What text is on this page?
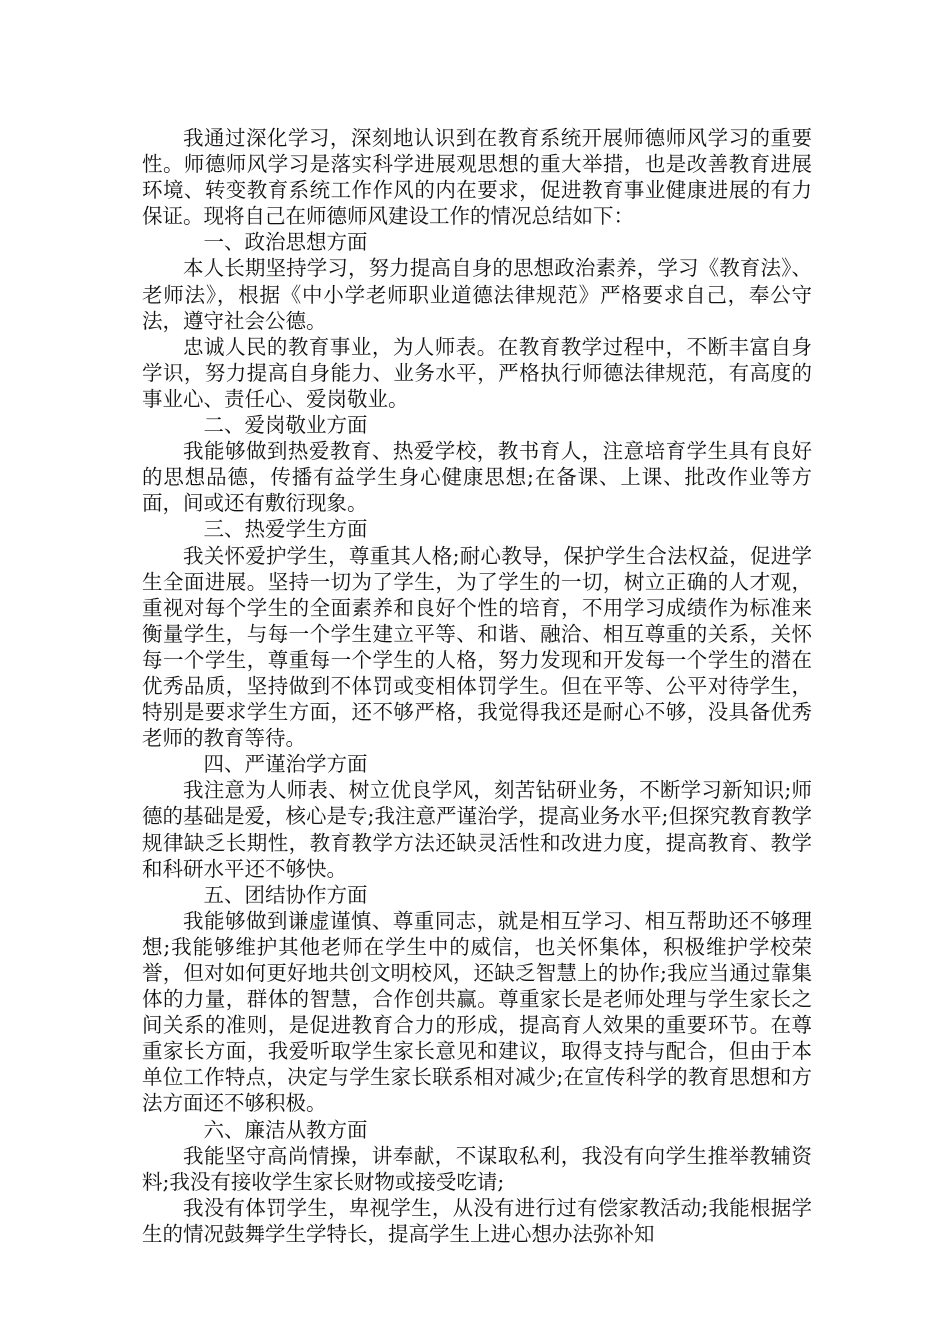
我通过深化学习，深刻地认识到在教育系统开展师德师风学习的重要性。师德师风学习是落实科学进展观思想的重大举措，也是改善教育进展环境、转变教育系统工作作风的内在要求，促进教育事业健康进展的有力保证。现将自己在师德师风建设工作的情况总结如下：

一、政治思想方面

本人长期坚持学习，努力提高自身的思想政治素养，学习《教育法》、老师法》，根据《中小学老师职业道德法律规范》严格要求自己，奉公守法，遵守社会公德。

忠诚人民的教育事业，为人师表。在教育教学过程中，不断丰富自身学识，努力提高自身能力、业务水平，严格执行师德法律规范，有高度的事业心、责任心、爱岗敬业。

二、爱岗敬业方面

我能够做到热爱教育、热爱学校，教书育人，注意培育学生具有良好的思想品德，传播有益学生身心健康思想;在备课、上课、批改作业等方面，间或还有敷衍现象。

三、热爱学生方面

我关怀爱护学生，尊重其人格;耐心教导，保护学生合法权益，促进学生全面进展。坚持一切为了学生，为了学生的一切，树立正确的人才观，重视对每个学生的全面素养和良好个性的培育，不用学习成绩作为标准来衡量学生，与每一个学生建立平等、和谐、融洽、相互尊重的关系，关怀每一个学生，尊重每一个学生的人格，努力发现和开发每一个学生的潜在优秀品质，坚持做到不体罚或变相体罚学生。但在平等、公平对待学生，特别是要求学生方面，还不够严格，我觉得我还是耐心不够，没具备优秀老师的教育等待。

四、严谨治学方面

我注意为人师表、树立优良学风，刻苦钻研业务，不断学习新知识;师德的基础是爱，核心是专;我注意严谨治学，提高业务水平;但探究教育教学规律缺乏长期性，教育教学方法还缺灵活性和改进力度，提高教育、教学和科研水平还不够快。

五、团结协作方面

我能够做到谦虚谨慎、尊重同志，就是相互学习、相互帮助还不够理想;我能够维护其他老师在学生中的威信，也关怀集体，积极维护学校荣誉，但对如何更好地共创文明校风，还缺乏智慧上的协作;我应当通过靠集体的力量，群体的智慧，合作创共赢。尊重家长是老师处理与学生家长之间关系的准则，是促进教育合力的形成，提高育人效果的重要环节。在尊重家长方面，我爱听取学生家长意见和建议，取得支持与配合，但由于本单位工作特点，决定与学生家长联系相对减少;在宣传科学的教育思想和方法方面还不够积极。

六、廉洁从教方面

我能坚守高尚情操，讲奉献，不谋取私利，我没有向学生推举教辅资料;我没有接收学生家长财物或接受吃请;

我没有体罚学生，卑视学生，从没有进行过有偿家教活动;我能根据学生的情况鼓舞学生学特长，提高学生上进心想办法弥补知
